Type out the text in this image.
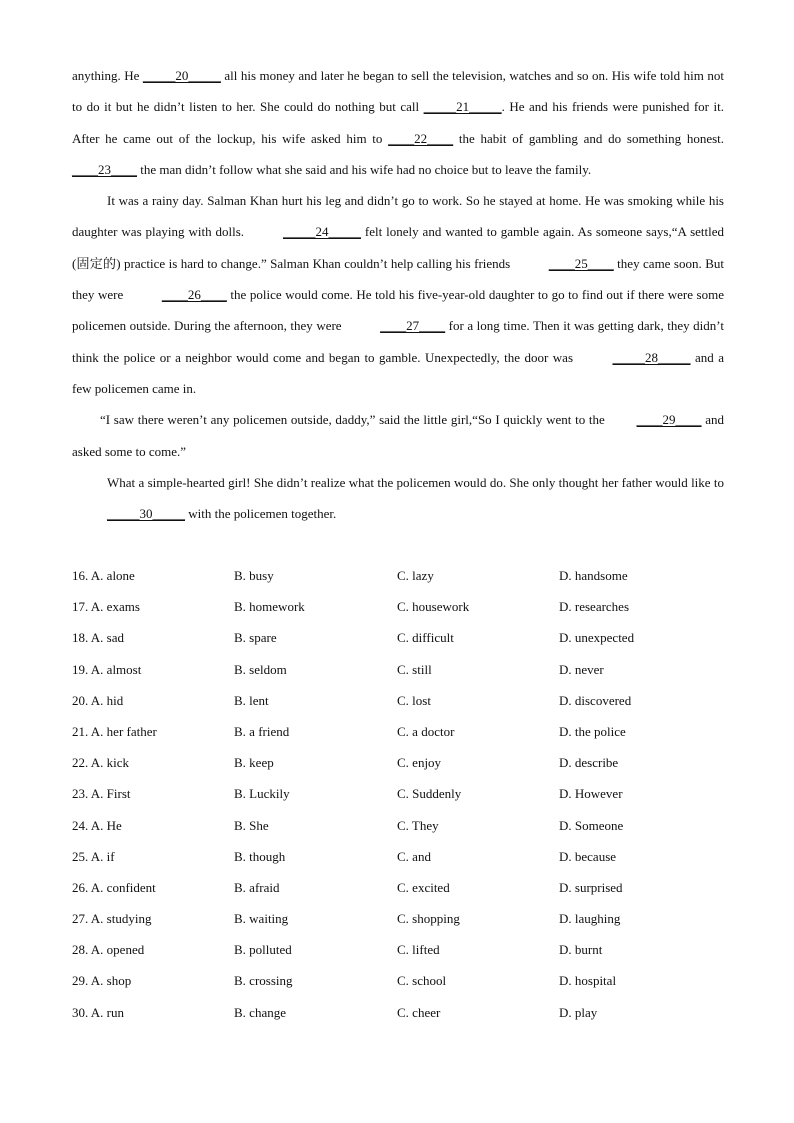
anything. He _____20_____ all his money and later he began to sell the television, watches and so on. His wife told him not to do it but he didn’t listen to her. She could do nothing but call _____21_____. He and his friends were punished for it. After he came out of the lockup, his wife asked him to ____22____ the habit of gambling and do something honest. ____23____ the man didn’t follow what she said and his wife had no choice but to leave the family.

It was a rainy day. Salman Khan hurt his leg and didn’t go to work. So he stayed at home. He was smoking while his daughter was playing with dolls.	_____24_____ felt lonely and wanted to gamble again. As someone says,“A settled (固定的) practice is hard to change.” Salman Khan couldn’t help calling his friends	____25____ they came soon. But they were	____26____ the police would come. He told his five-year-old daughter to go to find out if there were some policemen outside. During the afternoon, they were	____27____ for a long time. Then it was getting dark, they didn’t think the police or a neighbor would come and began to gamble. Unexpectedly, the door was	_____28_____ and a few policemen came in.

“I saw there weren’t any policemen outside, daddy,” said the little girl,“So I quickly went to the ____29____ and asked some to come.”

What a simple-hearted girl! She didn’t realize what the policemen would do. She only thought her father would like to _____30_____ with the policemen together.

16. A. alone	B. busy	C. lazy	D. handsome
17. A. exams	B. homework	C. housework	D. researches
18. A. sad	B. spare	C. difficult	D. unexpected
19. A. almost	B. seldom	C. still	D. never
20. A. hid	B. lent	C. lost	D. discovered
21. A. her father	B. a friend	C. a doctor	D. the police
22. A. kick	B. keep	C. enjoy	D. describe
23. A. First	B. Luckily	C. Suddenly	D. However
24. A. He	B. She	C. They	D. Someone
25. A. if	B. though	C. and	D. because
26. A. confident	B. afraid	C. excited	D. surprised
27. A. studying	B. waiting	C. shopping	D. laughing
28. A. opened	B. polluted	C. lifted	D. burnt
29. A. shop	B. crossing	C. school	D. hospital
30. A. run	B. change	C. cheer	D. play
